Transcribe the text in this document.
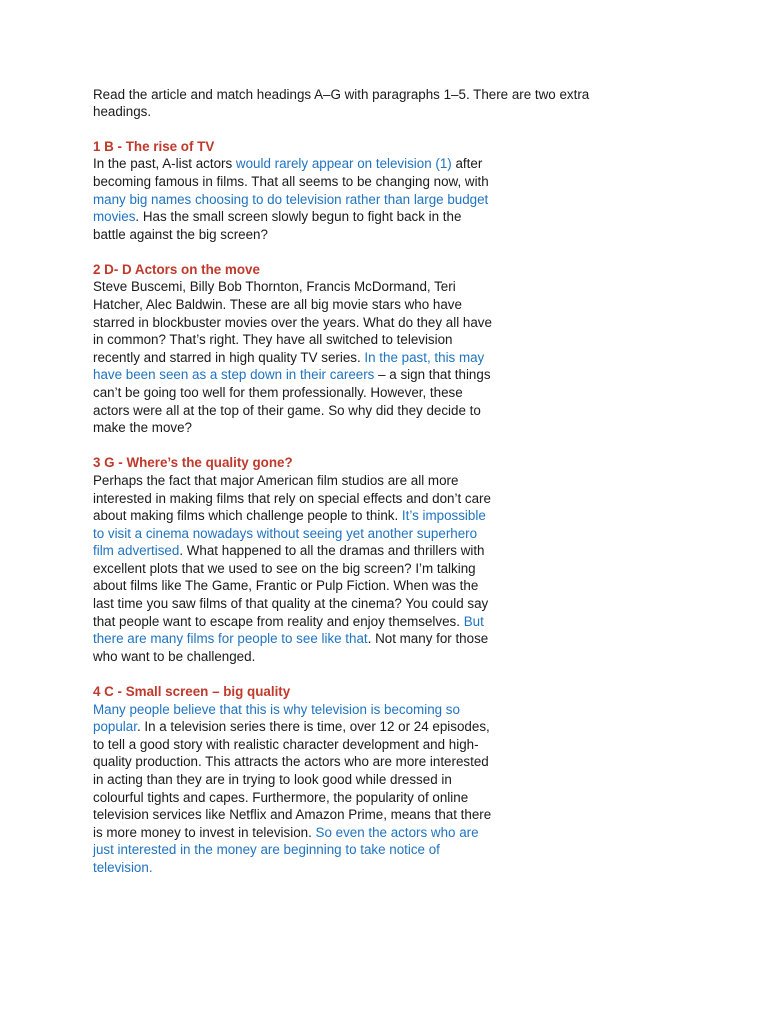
Read the article and match headings A–G with paragraphs 1–5. There are two extra headings.

1 B - The rise of TV

In the past, A-list actors would rarely appear on television (1) after becoming famous in films. That all seems to be changing now, with many big names choosing to do television rather than large budget movies. Has the small screen slowly begun to fight back in the battle against the big screen?

2 D- D Actors on the move

Steve Buscemi, Billy Bob Thornton, Francis McDormand, Teri Hatcher, Alec Baldwin. These are all big movie stars who have starred in blockbuster movies over the years. What do they all have in common? That’s right. They have all switched to television recently and starred in high quality TV series. In the past, this may have been seen as a step down in their careers – a sign that things can’t be going too well for them professionally. However, these actors were all at the top of their game. So why did they decide to make the move?

3 G - Where’s the quality gone?

Perhaps the fact that major American film studios are all more interested in making films that rely on special effects and don’t care about making films which challenge people to think. It’s impossible to visit a cinema nowadays without seeing yet another superhero film advertised. What happened to all the dramas and thrillers with excellent plots that we used to see on the big screen? I’m talking about films like The Game, Frantic or Pulp Fiction. When was the last time you saw films of that quality at the cinema? You could say that people want to escape from reality and enjoy themselves. But there are many films for people to see like that. Not many for those who want to be challenged.

4 C - Small screen – big quality

Many people believe that this is why television is becoming so popular. In a television series there is time, over 12 or 24 episodes, to tell a good story with realistic character development and high-quality production. This attracts the actors who are more interested in acting than they are in trying to look good while dressed in colourful tights and capes. Furthermore, the popularity of online television services like Netflix and Amazon Prime, means that there is more money to invest in television. So even the actors who are just interested in the money are beginning to take notice of television.
